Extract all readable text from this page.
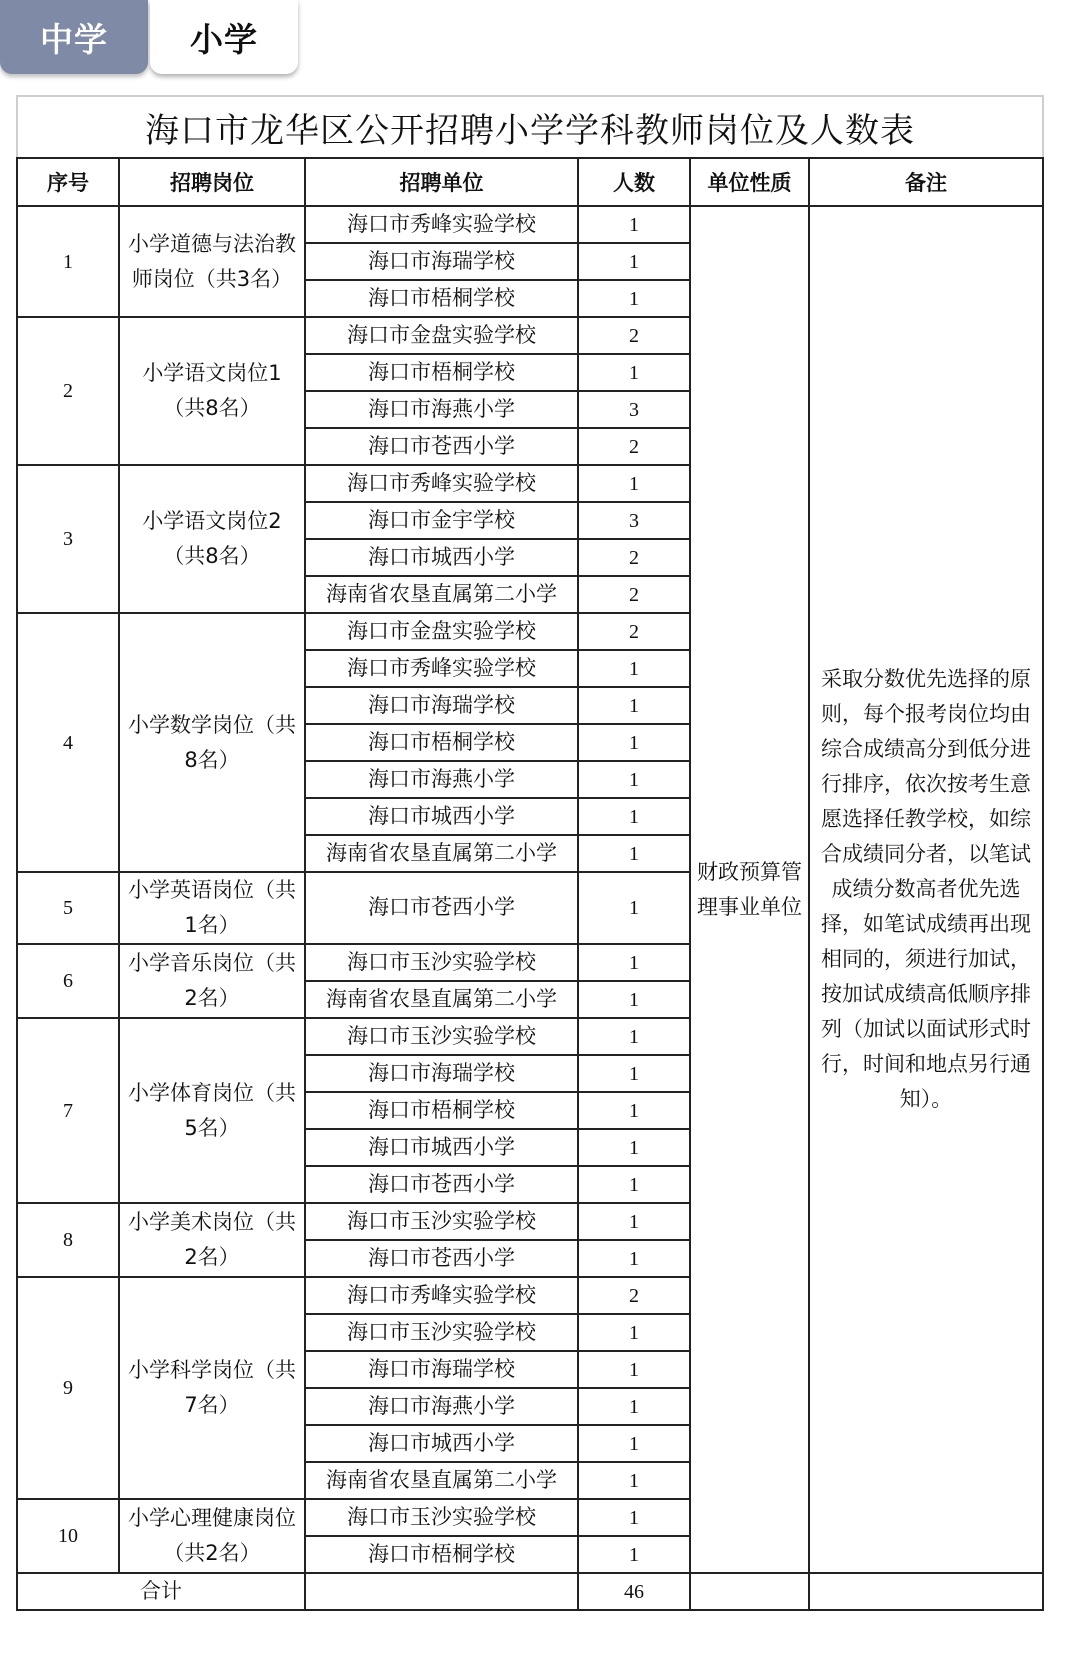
中学	小学
海口市龙华区公开招聘小学学科教师岗位及人数表					
序号	招聘岗位	招聘单位	人数	单位性质	备注
1	小学道德与法治教师岗位（共3名）	海口市秀峰实验学校	1	财政预算管理事业单位	采取分数优先选择的原则，每个报考岗位均由综合成绩高分到低分进行排序，依次按考生意愿选择任教学校，如综合成绩同分者，以笔试成绩分数高者优先选择，如笔试成绩再出现相同的，须进行加试，按加试成绩高低顺序排列（加试以面试形式时行，时间和地点另行通知）。
		海口市海瑞学校	1		
		海口市梧桐学校	1		
2	小学语文岗位1（共8名）	海口市金盘实验学校	2		
		海口市梧桐学校	1		
		海口市海燕小学	3		
		海口市苍西小学	2		
3	小学语文岗位2（共8名）	海口市秀峰实验学校	1		
		海口市金宇学校	3		
		海口市城西小学	2		
		海南省农垦直属第二小学	2		
4	小学数学岗位（共8名）	海口市金盘实验学校	2		
		海口市秀峰实验学校	1		
		海口市海瑞学校	1		
		海口市梧桐学校	1		
		海口市海燕小学	1		
		海口市城西小学	1		
		海南省农垦直属第二小学	1		
5	小学英语岗位（共1名）	海口市苍西小学	1		
6	小学音乐岗位（共2名）	海口市玉沙实验学校	1		
		海南省农垦直属第二小学	1		
7	小学体育岗位（共5名）	海口市玉沙实验学校	1		
		海口市海瑞学校	1		
		海口市梧桐学校	1		
		海口市城西小学	1		
		海口市苍西小学	1		
8	小学美术岗位（共2名）	海口市玉沙实验学校	1		
		海口市苍西小学	1		
9	小学科学岗位（共7名）	海口市秀峰实验学校	2		
		海口市玉沙实验学校	1		
		海口市海瑞学校	1		
		海口市海燕小学	1		
		海口市城西小学	1		
		海南省农垦直属第二小学	1		
10	小学心理健康岗位（共2名）	海口市玉沙实验学校	1		
		海口市梧桐学校	1		
合计			46		
